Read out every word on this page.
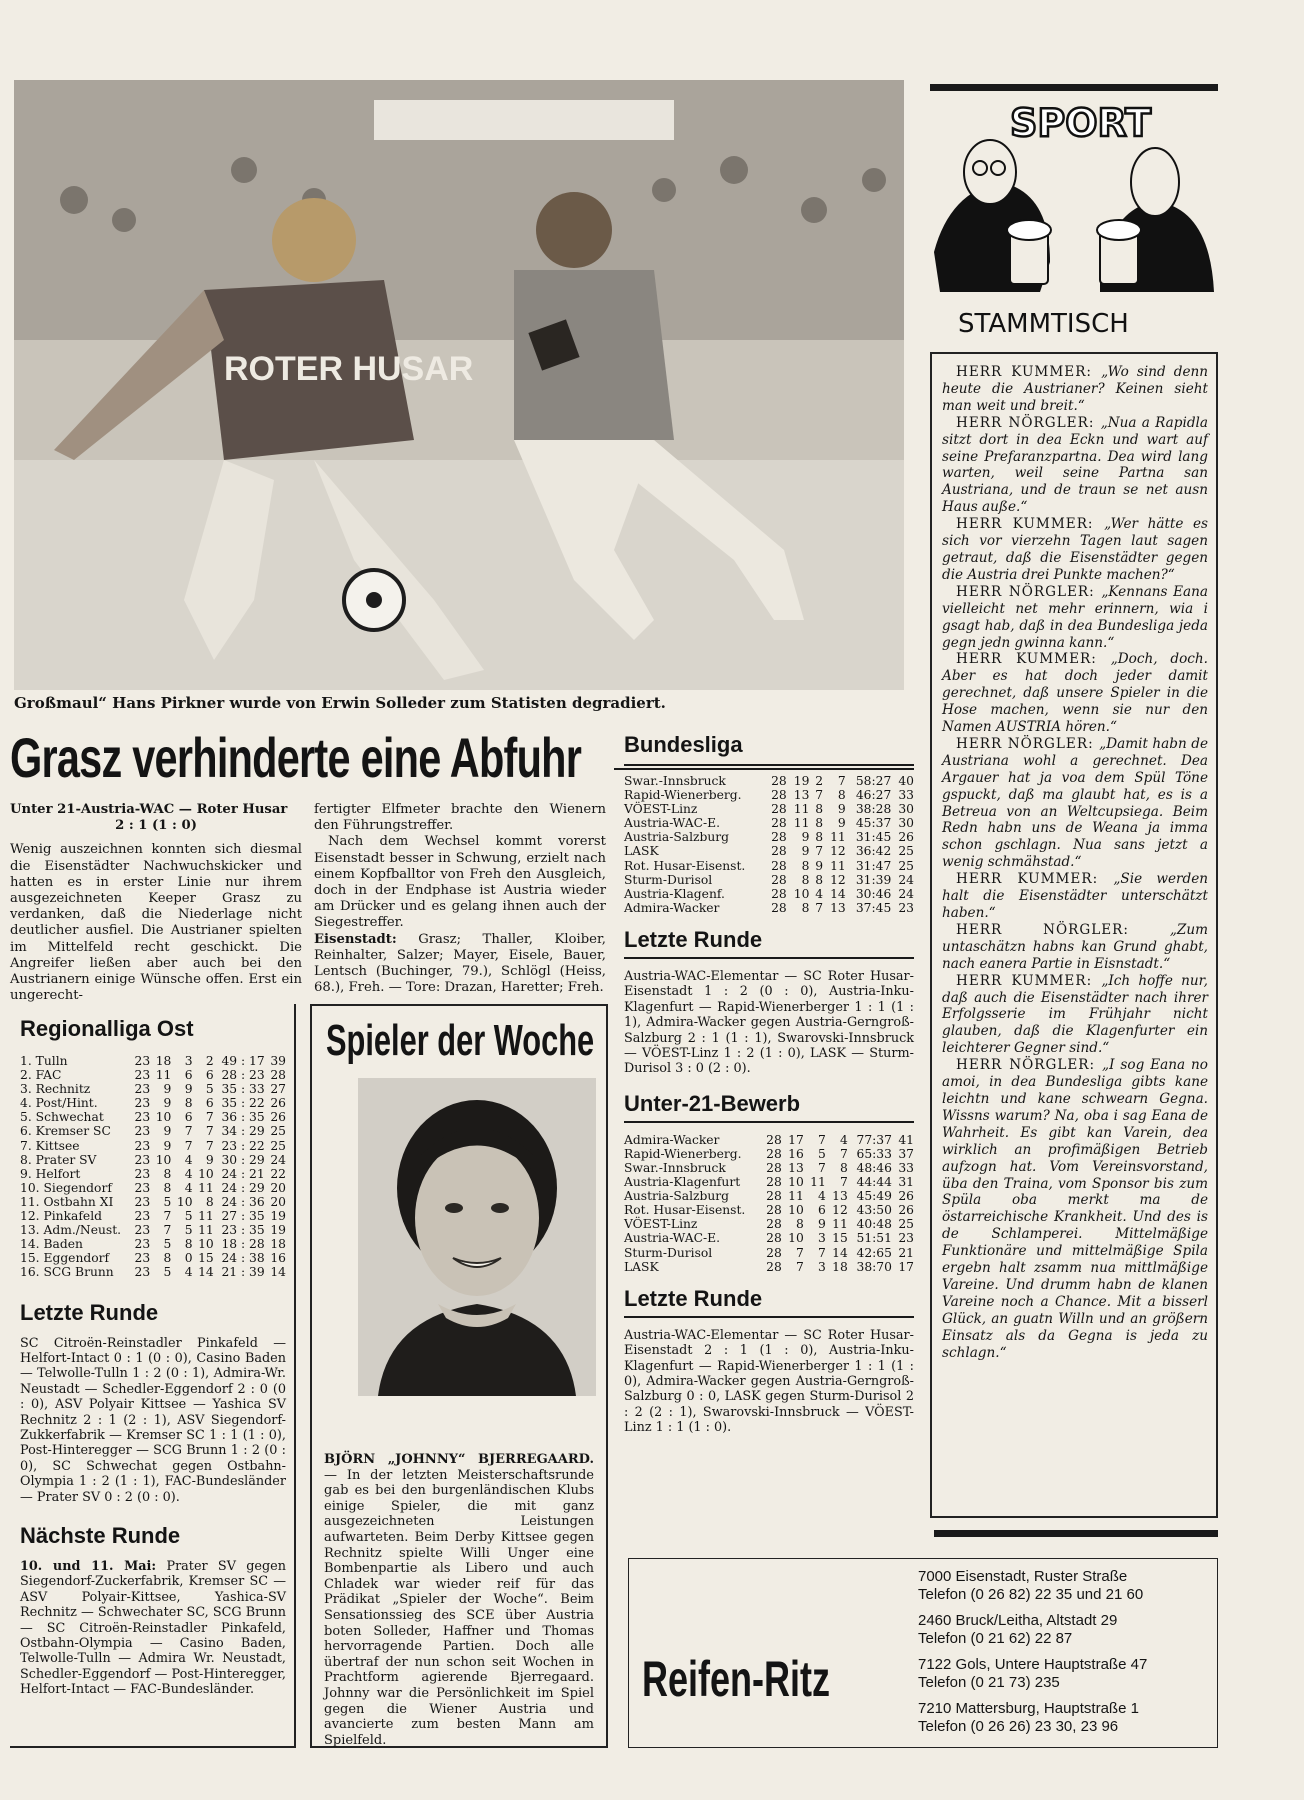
ROTER HUSAR
Großmaul“ Hans Pirkner wurde von Erwin Solleder zum Statisten degradiert.
Grasz verhinderte eine Abfuhr
Unter 21-Austria-WAC — Roter Husar
2 : 1 (1 : 0)

Wenig auszeichnen konnten sich diesmal die Eisenstädter Nachwuchskicker und hatten es in erster Linie nur ihrem ausgezeichneten Keeper Grasz zu verdanken, daß die Niederlage nicht deutlicher ausfiel. Die Austrianer spielten im Mittelfeld recht geschickt. Die Angreifer ließen aber auch bei den Austrianern einige Wünsche offen. Erst ein ungerecht-

fertigter Elfmeter brachte den Wienern den Führungstreffer.

Nach dem Wechsel kommt vorerst Eisenstadt besser in Schwung, erzielt nach einem Kopfballtor von Freh den Ausgleich, doch in der Endphase ist Austria wieder am Drücker und es gelang ihnen auch der Siegestreffer.

Eisenstadt: Grasz; Thaller, Kloiber, Reinhalter, Salzer; Mayer, Eisele, Bauer, Lentsch (Buchinger, 79.), Schlögl (Heiss, 68.), Freh. — Tore: Drazan, Haretter; Freh.

Regionalliga Ost
1. Tulln	23	18	3	2	49 : 17	39
2. FAC	23	11	6	6	28 : 23	28
3. Rechnitz	23	9	9	5	35 : 33	27
4. Post/Hint.	23	9	8	6	35 : 22	26
5. Schwechat	23	10	6	7	36 : 35	26
6. Kremser SC	23	9	7	7	34 : 29	25
7. Kittsee	23	9	7	7	23 : 22	25
8. Prater SV	23	10	4	9	30 : 29	24
9. Helfort	23	8	4	10	24 : 21	22
10. Siegendorf	23	8	4	11	24 : 29	20
11. Ostbahn XI	23	5	10	8	24 : 36	20
12. Pinkafeld	23	7	5	11	27 : 35	19
13. Adm./Neust.	23	7	5	11	23 : 35	19
14. Baden	23	5	8	10	18 : 28	18
15. Eggendorf	23	8	0	15	24 : 38	16
16. SCG Brunn	23	5	4	14	21 : 39	14
Letzte Runde
SC Citroën-Reinstadler Pinkafeld — Helfort-Intact 0 : 1 (0 : 0), Casino Baden — Telwolle-Tulln 1 : 2 (0 : 1), Admira-Wr. Neustadt — Schedler-Eggendorf 2 : 0 (0 : 0), ASV Polyair Kittsee — Yashica SV Rechnitz 2 : 1 (2 : 1), ASV Siegendorf-Zukkerfabrik — Kremser SC 1 : 1 (1 : 0), Post-Hinteregger — SCG Brunn 1 : 2 (0 : 0), SC Schwechat gegen Ostbahn-Olympia 1 : 2 (1 : 1), FAC-Bundesländer — Prater SV 0 : 2 (0 : 0).
Nächste Runde
10. und 11. Mai: Prater SV gegen Siegendorf-Zuckerfabrik, Kremser SC — ASV Polyair-Kittsee, Yashica-SV Rechnitz — Schwechater SC, SCG Brunn — SC Citroën-Reinstadler Pinkafeld, Ostbahn-Olympia — Casino Baden, Telwolle-Tulln — Admira Wr. Neustadt, Schedler-Eggendorf — Post-Hinteregger, Helfort-Intact — FAC-Bundesländer.
Spieler der Woche
BJÖRN „JOHNNY“ BJERREGAARD. — In der letzten Meisterschaftsrunde gab es bei den burgenländischen Klubs einige Spieler, die mit ganz ausgezeichneten Leistungen aufwarteten. Beim Derby Kittsee gegen Rechnitz spielte Willi Unger eine Bombenpartie als Libero und auch Chladek war wieder reif für das Prädikat „Spieler der Woche“. Beim Sensationssieg des SCE über Austria boten Solleder, Haffner und Thomas hervorragende Partien. Doch alle übertraf der nun schon seit Wochen in Prachtform agierende Bjerregaard. Johnny war die Persönlichkeit im Spiel gegen die Wiener Austria und avancierte zum besten Mann am Spielfeld.
Bundesliga
Swar.-Innsbruck	28	19	2	7	58:27	40
Rapid-Wienerberg.	28	13	7	8	46:27	33
VÖEST-Linz	28	11	8	9	38:28	30
Austria-WAC-E.	28	11	8	9	45:37	30
Austria-Salzburg	28	9	8	11	31:45	26
LASK	28	9	7	12	36:42	25
Rot. Husar-Eisenst.	28	8	9	11	31:47	25
Sturm-Durisol	28	8	8	12	31:39	24
Austria-Klagenf.	28	10	4	14	30:46	24
Admira-Wacker	28	8	7	13	37:45	23
Letzte Runde
Austria-WAC-Elementar — SC Roter Husar-Eisenstadt 1 : 2 (0 : 0), Austria-Inku-Klagenfurt — Rapid-Wienerberger 1 : 1 (1 : 1), Admira-Wacker gegen Austria-Gerngroß-Salzburg 2 : 1 (1 : 1), Swarovski-Innsbruck — VÖEST-Linz 1 : 2 (1 : 0), LASK — Sturm-Durisol 3 : 0 (2 : 0).
Unter-21-Bewerb
Admira-Wacker	28	17	7	4	77:37	41
Rapid-Wienerberg.	28	16	5	7	65:33	37
Swar.-Innsbruck	28	13	7	8	48:46	33
Austria-Klagenfurt	28	10	11	7	44:44	31
Austria-Salzburg	28	11	4	13	45:49	26
Rot. Husar-Eisenst.	28	10	6	12	43:50	26
VÖEST-Linz	28	8	9	11	40:48	25
Austria-WAC-E.	28	10	3	15	51:51	23
Sturm-Durisol	28	7	7	14	42:65	21
LASK	28	7	3	18	38:70	17
Letzte Runde
Austria-WAC-Elementar — SC Roter Husar-Eisenstadt 2 : 1 (1 : 0), Austria-Inku-Klagenfurt — Rapid-Wienerberger 1 : 1 (1 : 0), Admira-Wacker gegen Austria-Gerngroß-Salzburg 0 : 0, LASK gegen Sturm-Durisol 2 : 2 (2 : 1), Swarovski-Innsbruck — VÖEST-Linz 1 : 1 (1 : 0).
SPORT
STAMMTISCH

HERR KUMMER: „Wo sind denn heute die Austrianer? Keinen sieht man weit und breit.“

HERR NÖRGLER: „Nua a Rapidla sitzt dort in dea Eckn und wart auf seine Prefaranzpartna. Dea wird lang warten, weil seine Partna san Austriana, und de traun se net ausn Haus auße.“

HERR KUMMER: „Wer hätte es sich vor vierzehn Tagen laut sagen getraut, daß die Eisenstädter gegen die Austria drei Punkte machen?“

HERR NÖRGLER: „Kennans Eana vielleicht net mehr erinnern, wia i gsagt hab, daß in dea Bundesliga jeda gegn jedn gwinna kann.“

HERR KUMMER: „Doch, doch. Aber es hat doch jeder damit gerechnet, daß unsere Spieler in die Hose machen, wenn sie nur den Namen AUSTRIA hören.“

HERR NÖRGLER: „Damit habn de Austriana wohl a gerechnet. Dea Argauer hat ja voa dem Spül Töne gspuckt, daß ma glaubt hat, es is a Betreua von an Weltcupsiega. Beim Redn habn uns de Weana ja imma schon gschlagn. Nua sans jetzt a wenig schmähstad.“

HERR KUMMER: „Sie werden halt die Eisenstädter unterschätzt haben.“

HERR NÖRGLER: „Zum untaschätzn habns kan Grund ghabt, nach eanera Partie in Eisnstadt.“

HERR KUMMER: „Ich hoffe nur, daß auch die Eisenstädter nach ihrer Erfolgsserie im Frühjahr nicht glauben, daß die Klagenfurter ein leichterer Gegner sind.“

HERR NÖRGLER: „I sog Eana no amoi, in dea Bundesliga gibts kane leichtn und kane schwearn Gegna. Wissns warum? Na, oba i sag Eana de Wahrheit. Es gibt kan Varein, dea wirklich an profimäßigen Betrieb aufzogn hat. Vom Vereinsvorstand, üba den Traina, vom Sponsor bis zum Spüla oba merkt ma de östarreichische Krankheit. Und des is de Schlamperei. Mittelmäßige Funktionäre und mittelmäßige Spila ergebn halt zsamm nua mittlmäßige Vareine. Und drumm habn de klanen Vareine noch a Chance. Mit a bisserl Glück, an guatn Willn und an größern Einsatz als da Gegna is jeda zu schlagn.“

Reifen-Ritz
7000 Eisenstadt, Ruster Straße
Telefon (0 26 82) 22 35 und 21 60
2460 Bruck/Leitha, Altstadt 29
Telefon (0 21 62) 22 87
7122 Gols, Untere Hauptstraße 47
Telefon (0 21 73) 235
7210 Mattersburg, Hauptstraße 1
Telefon (0 26 26) 23 30, 23 96
